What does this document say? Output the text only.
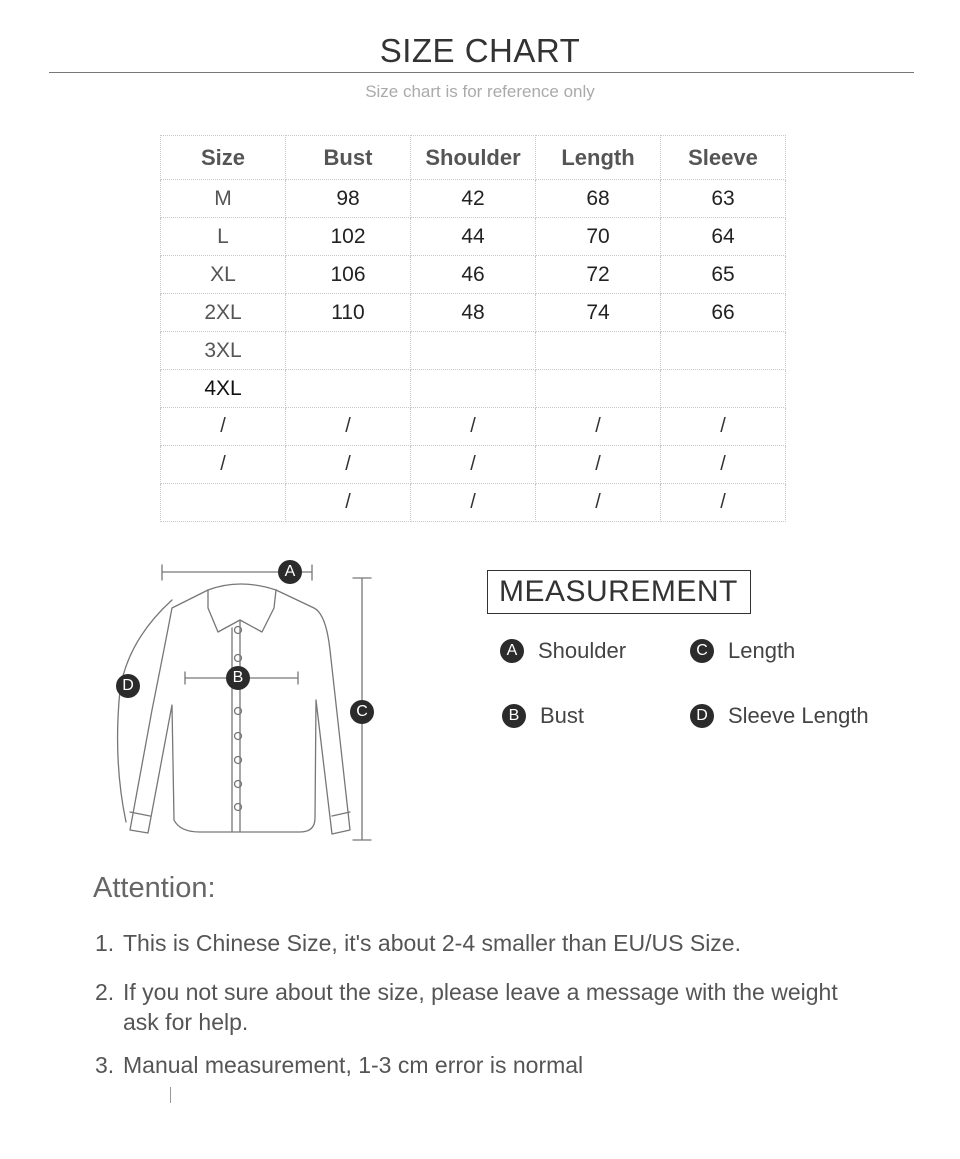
SIZE CHART
Size chart is for reference only
Size	Bust	Shoulder	Length	Sleeve
M	98	42	68	63
L	102	44	70	64
XL	106	46	72	65
2XL	110	48	74	66
3XL				
4XL				
/	/	/	/	/
/	/	/	/	/
	/	/	/	/
A
B
C
D
MEASUREMENT
A Shoulder	C Length
B Bust	D Sleeve Length
Attention:
1. This is Chinese Size, it's about 2-4 smaller than EU/US Size.
2. If you not sure about the size, please leave a message with the weight ask for help.
3. Manual measurement, 1-3 cm error is normal
